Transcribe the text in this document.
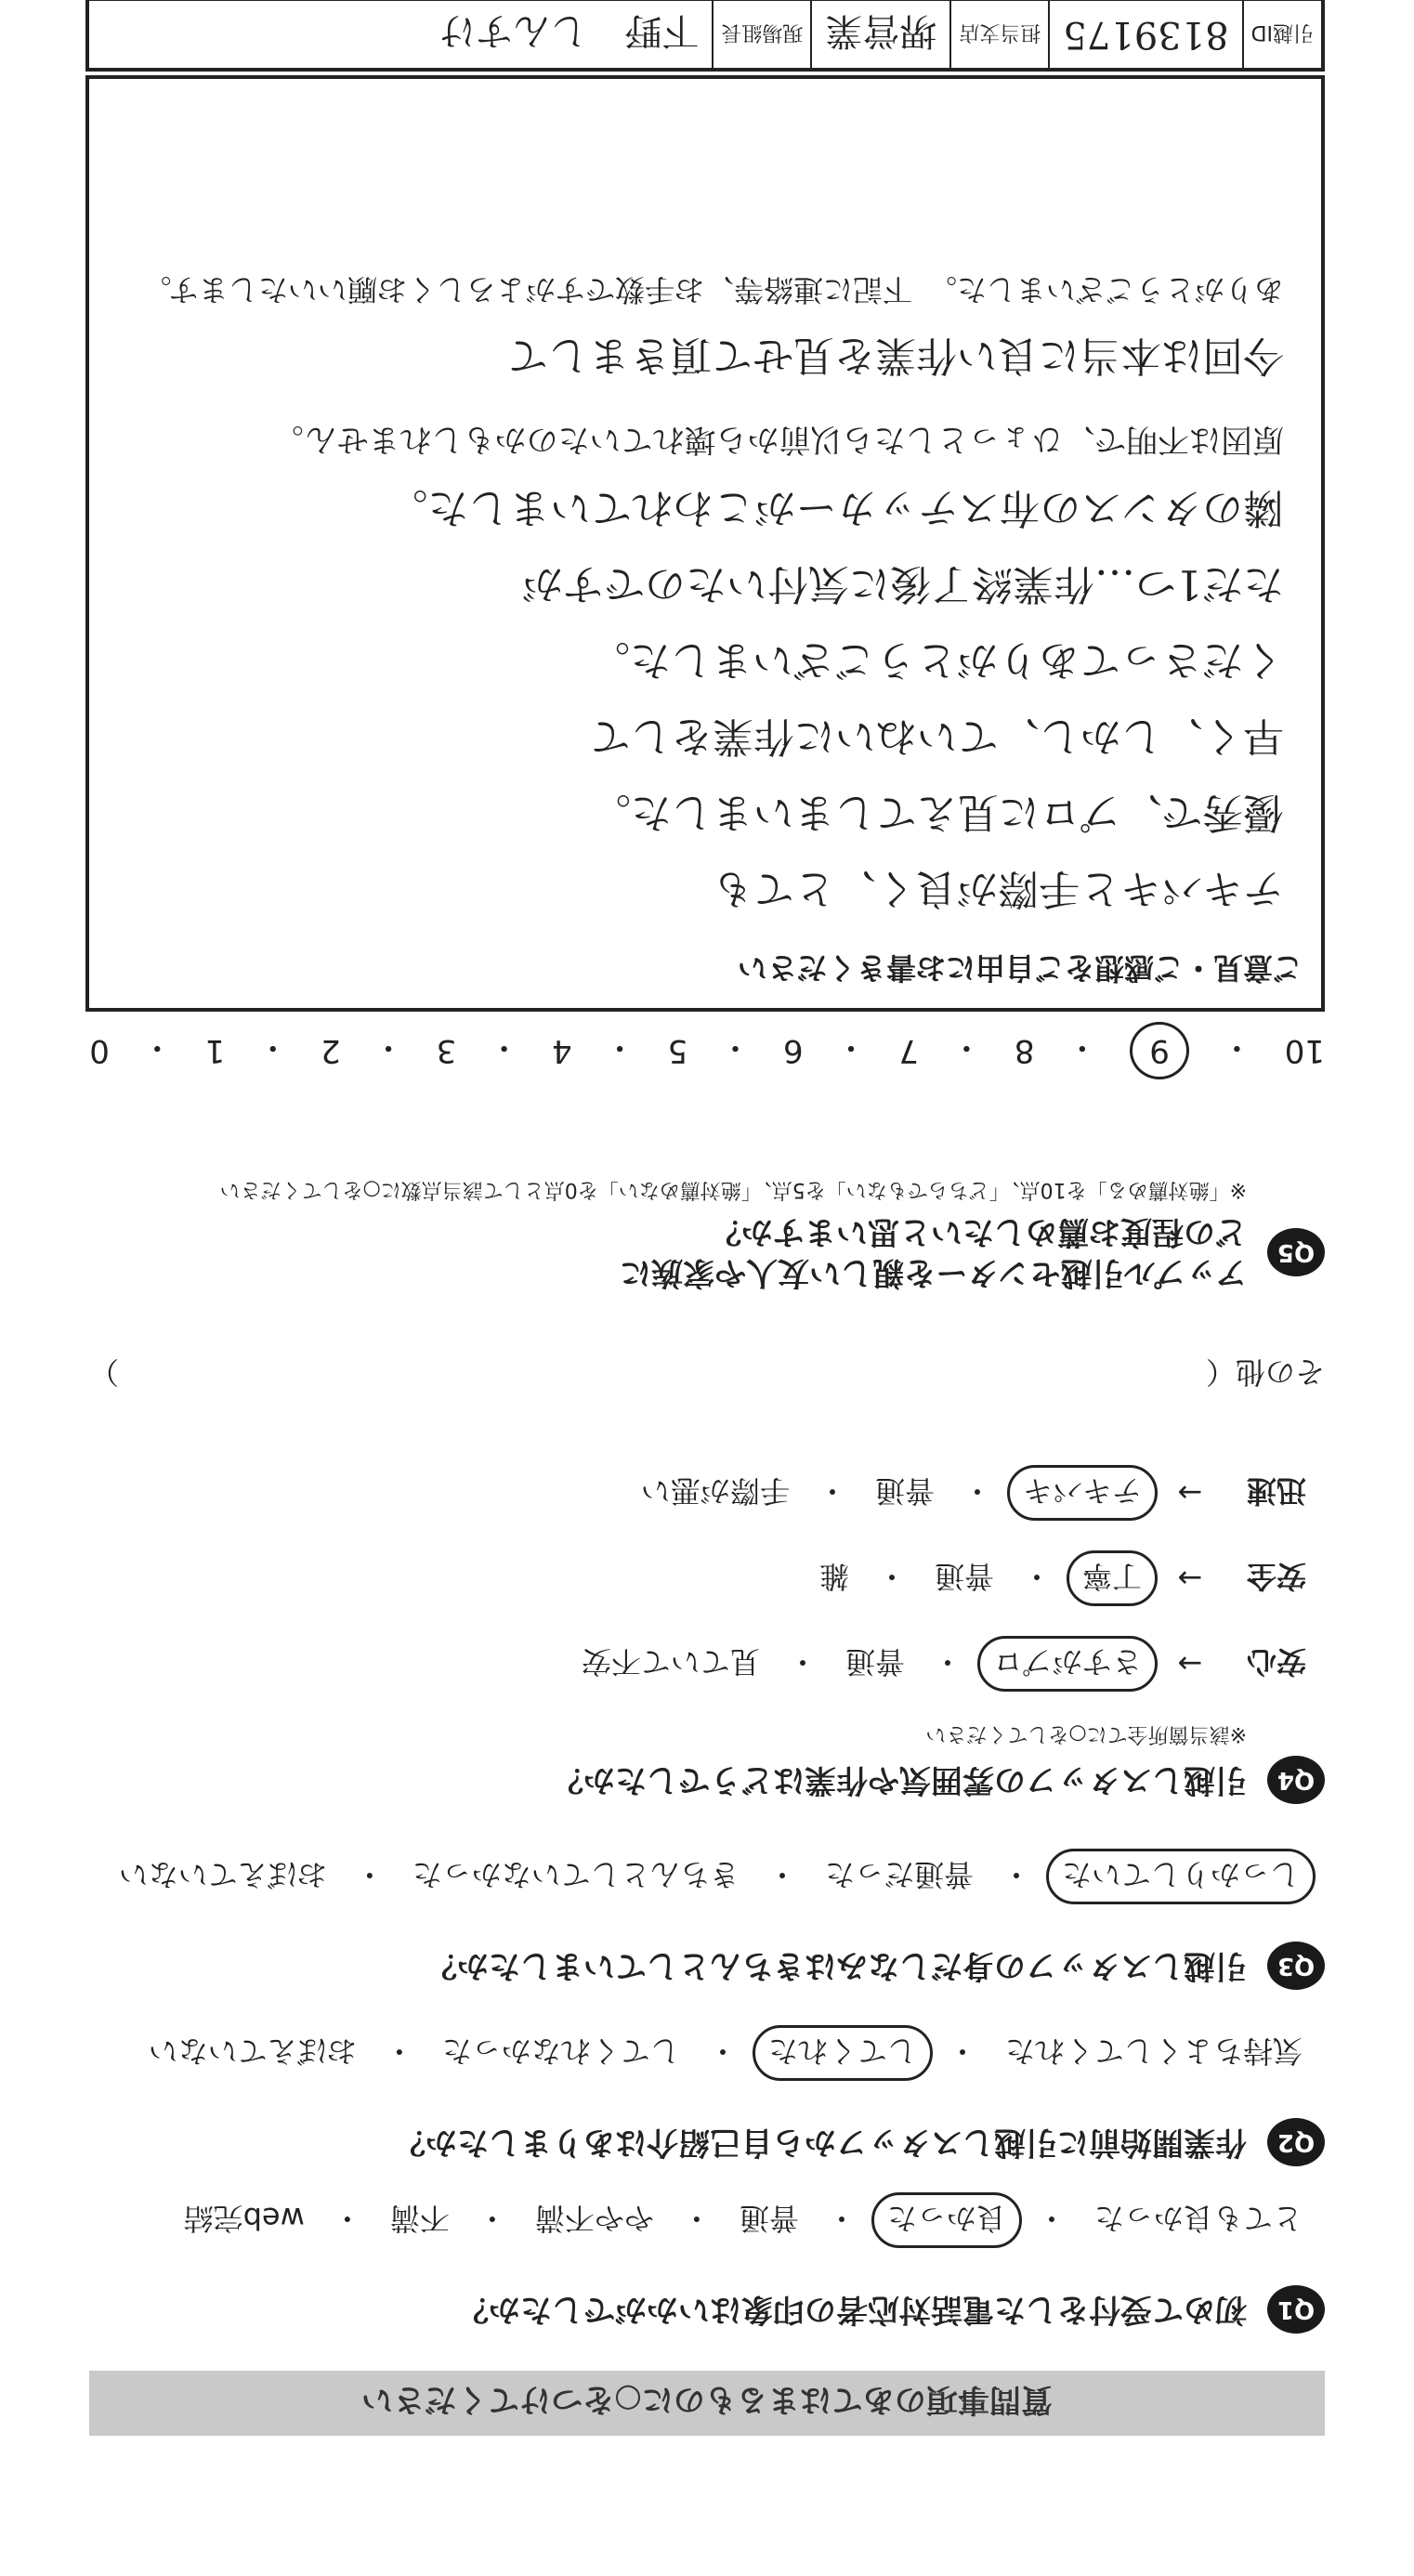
質問事項のあてはまるものに○をつけてください
Q1
初めて受付をした電話対応者の印象はいかがでしたか？
とても良かった
・
良かった
・
普通
・
やや不満
・
不満
・
web完結
Q2
作業開始前に引越しスタッフから自己紹介はありましたか？
気持ちよくしてくれた
・
してくれた
・
してくれなかった
・
おぼえていない
Q3
引越しスタッフの身だしなみはきちんとしていましたか？
しっかりしていた
・
普通だった
・
きちんとしていなかった
・
おぼえていない
Q4
引越しスタッフの雰囲気や作業はどうでしたか？
※該当箇所全てに○をしてください
安心
→
さすがプロ
・
普通
・
見ていて不安
安全
→
丁寧
・
普通
・
雑
迅速
→
テキパキ
・
普通
・
手際が悪い
その他（
）
Q5
アップル引越センターを親しい友人や家族に
どの程度お薦めしたいと思いますか？
※「絶対薦める」を10点、「どちらでもない」を5点、「絶対薦めない」を0点として該当点数に○をしてください
10
・
9
・
8
・
7
・
6
・
5
・
4
・
3
・
2
・
1
・
0
ご意見・ご感想をご自由にお書きください
テキパキと手際が良く、とても
優秀で、プロに見えてしまいました。
早く、しかし、ていねいに作業をして
くださってありがとうございました。
ただ1つ…作業終了後に気付いたのですが
隣のタンスの布ステッカーがこわれていました。
原因は不明で、ひょっとしたら以前から壊れていたのかもしれません。
今回は本当に良い作業を見せて頂きまして
ありがとうございました。　下記に連絡等、お手数ですがよろしくお願いいたします。
引越ID
8139175
担当支店
堺営業
現場組長
下野　しんすけ
